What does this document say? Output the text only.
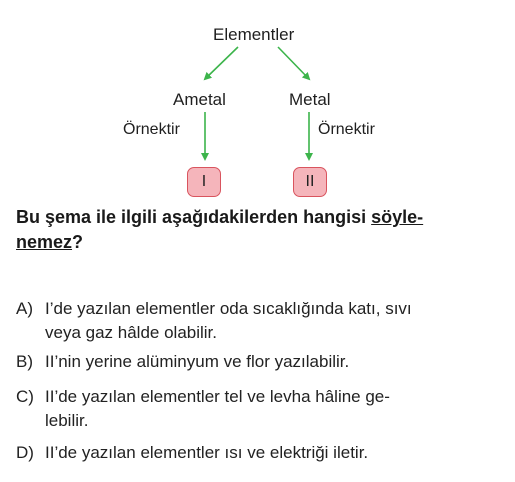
Elementler
Ametal	Metal
Örnektir	Örnektir
I	II
Bu şema ile ilgili aşağıdakilerden hangisi söyle-
nemez?
A) I’de yazılan elementler oda sıcaklığında katı, sıvı
veya gaz hâlde olabilir.
B) II’nin yerine alüminyum ve flor yazılabilir.
C) II’de yazılan elementler tel ve levha hâline ge-
lebilir.
D) II’de yazılan elementler ısı ve elektriği iletir.
